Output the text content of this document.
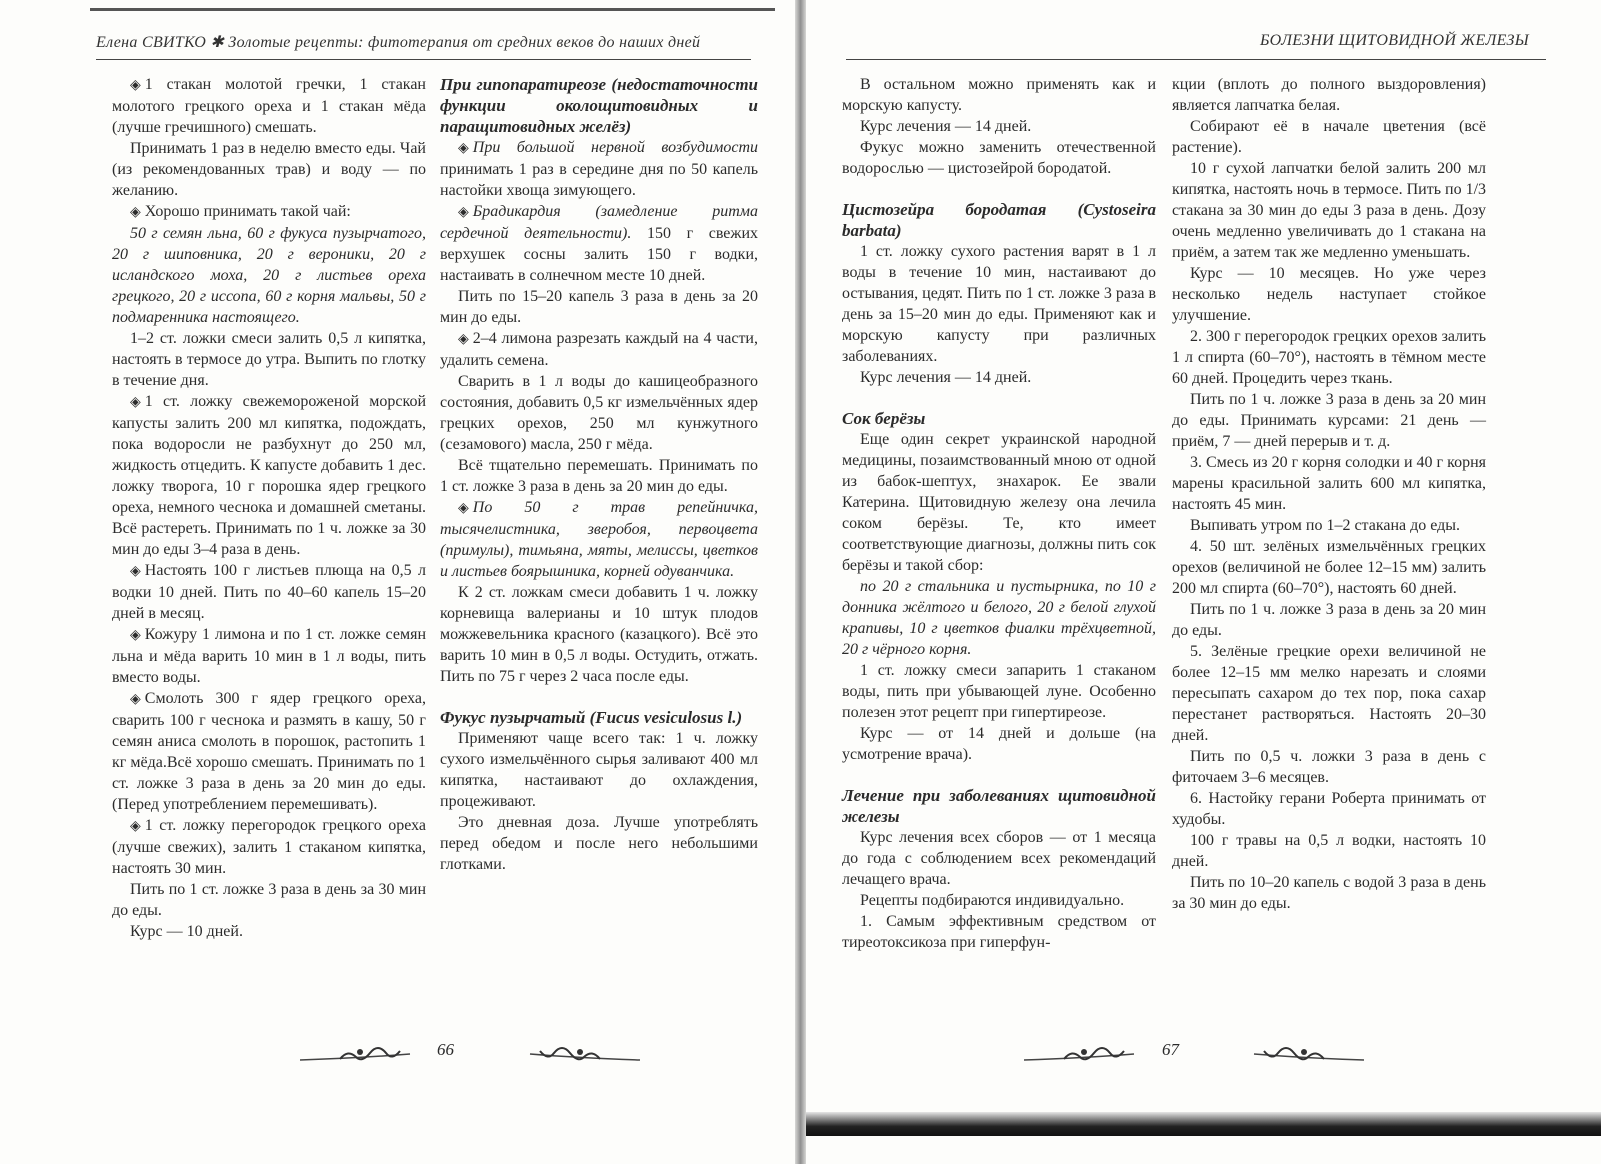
Елена СВИТКО ✱ Золотые рецепты: фитотерапия от средних веков до наших дней

◈ 1 стакан молотой гречки, 1 стакан молотого грецкого ореха и 1 стакан мёда (лучше гречишного) смешать.

Принимать 1 раз в неделю вместо еды. Чай (из рекомендованных трав) и воду — по желанию.

◈ Хорошо принимать такой чай:

50 г семян льна, 60 г фукуса пузырчатого, 20 г шиповника, 20 г вероники, 20 г исландского моха, 20 г листьев ореха грецкого, 20 г иссопа, 60 г корня мальвы, 50 г подмаренника настоящего.

1–2 ст. ложки смеси залить 0,5 л кипятка, настоять в термосе до утра. Выпить по глотку в течение дня.

◈ 1 ст. ложку свежемороженой морской капусты залить 200 мл кипятка, подождать, пока водоросли не разбухнут до 250 мл, жидкость отцедить. К капусте добавить 1 дес. ложку творога, 10 г порошка ядер грецкого ореха, немного чеснока и домашней сметаны. Всё растереть. Принимать по 1 ч. ложке за 30 мин до еды 3–4 раза в день.

◈ Настоять 100 г листьев плюща на 0,5 л водки 10 дней. Пить по 40–60 капель 15–20 дней в месяц.

◈ Кожуру 1 лимона и по 1 ст. ложке семян льна и мёда варить 10 мин в 1 л воды, пить вместо воды.

◈ Смолоть 300 г ядер грецкого ореха, сварить 100 г чеснока и размять в кашу, 50 г семян аниса смолоть в порошок, растопить 1 кг мёда.Всё хорошо смешать. Принимать по 1 ст. ложке 3 раза в день за 20 мин до еды. (Перед употреблением перемешивать).

◈ 1 ст. ложку перегородок грецкого ореха (лучше свежих), залить 1 стаканом кипятка, настоять 30 мин.

Пить по 1 ст. ложке 3 раза в день за 30 мин до еды.

Курс — 10 дней.

При гипопаратиреозе (недостаточности функции околощитовидных и паращитовидных желёз)

◈ При большой нервной возбудимости принимать 1 раз в середине дня по 50 капель настойки хвоща зимующего.

◈ Брадикардия (замедление ритма сердечной деятельности). 150 г свежих верхушек сосны залить 150 г водки, настаивать в солнечном месте 10 дней.

Пить по 15–20 капель 3 раза в день за 20 мин до еды.

◈ 2–4 лимона разрезать каждый на 4 части, удалить семена.

Сварить в 1 л воды до кашицеобразного состояния, добавить 0,5 кг измельчённых ядер грецких орехов, 250 мл кунжутного (сезамового) масла, 250 г мёда.

Всё тщательно перемешать. Принимать по 1 ст. ложке 3 раза в день за 20 мин до еды.

◈ По 50 г трав репейничка, тысячелистника, зверобоя, первоцвета (примулы), тимьяна, мяты, мелиссы, цветков и листьев боярышника, корней одуванчика.

К 2 ст. ложкам смеси добавить 1 ч. ложку корневища валерианы и 10 штук плодов можжевельника красного (казацкого). Всё это варить 10 мин в 0,5 л воды. Остудить, отжать. Пить по 75 г через 2 часа после еды.

Фукус пузырчатый (Fucus vesiculosus l.)

Применяют чаще всего так: 1 ч. ложку сухого измельчённого сырья заливают 400 мл кипятка, настаивают до охлаждения, процеживают.

Это дневная доза. Лучше употреблять перед обедом и после него небольшими глотками.

66
БОЛЕЗНИ ЩИТОВИДНОЙ ЖЕЛЕЗЫ

В остальном можно применять как и морскую капусту.

Курс лечения — 14 дней.

Фукус можно заменить отечественной водорослью — цистозейрой бородатой.

Цистозейра бородатая (Cystoseira barbata)

1 ст. ложку сухого растения варят в 1 л воды в течение 10 мин, настаивают до остывания, цедят. Пить по 1 ст. ложке 3 раза в день за 15–20 мин до еды. Применяют как и морскую капусту при различных заболеваниях.

Курс лечения — 14 дней.

Сок берёзы

Еще один секрет украинской народной медицины, позаимствованный мною от одной из бабок-шептух, знахарок. Ее звали Катерина. Щитовидную железу она лечила соком берёзы. Те, кто имеет соответствующие диагнозы, должны пить сок берёзы и такой сбор:

по 20 г стальника и пустырника, по 10 г донника жёлтого и белого, 20 г белой глухой крапивы, 10 г цветков фиалки трёхцветной, 20 г чёрного корня.

1 ст. ложку смеси запарить 1 стаканом воды, пить при убывающей луне. Особенно полезен этот рецепт при гипертиреозе.

Курс — от 14 дней и дольше (на усмотрение врача).

Лечение при заболеваниях щитовидной железы

Курс лечения всех сборов — от 1 месяца до года с соблюдением всех рекомендаций лечащего врача.

Рецепты подбираются индивидуально.

1. Самым эффективным средством от тиреотоксикоза при гиперфун-

кции (вплоть до полного выздоровления) является лапчатка белая.

Собирают её в начале цветения (всё растение).

10 г сухой лапчатки белой залить 200 мл кипятка, настоять ночь в термосе. Пить по 1/3 стакана за 30 мин до еды 3 раза в день. Дозу очень медленно увеличивать до 1 стакана на приём, а затем так же медленно уменьшать.

Курс — 10 месяцев. Но уже через несколько недель наступает стойкое улучшение.

2. 300 г перегородок грецких орехов залить 1 л спирта (60–70°), настоять в тёмном месте 60 дней. Процедить через ткань.

Пить по 1 ч. ложке 3 раза в день за 20 мин до еды. Принимать курсами: 21 день — приём, 7 — дней перерыв и т. д.

3. Смесь из 20 г корня солодки и 40 г корня марены красильной залить 600 мл кипятка, настоять 45 мин.

Выпивать утром по 1–2 стакана до еды.

4. 50 шт. зелёных измельчённых грецких орехов (величиной не более 12–15 мм) залить 200 мл спирта (60–70°), настоять 60 дней.

Пить по 1 ч. ложке 3 раза в день за 20 мин до еды.

5. Зелёные грецкие орехи величиной не более 12–15 мм мелко нарезать и слоями пересыпать сахаром до тех пор, пока сахар перестанет растворяться. Настоять 20–30 дней.

Пить по 0,5 ч. ложки 3 раза в день с фиточаем 3–6 месяцев.

6. Настойку герани Роберта принимать от худобы.

100 г травы на 0,5 л водки, настоять 10 дней.

Пить по 10–20 капель с водой 3 раза в день за 30 мин до еды.

67
